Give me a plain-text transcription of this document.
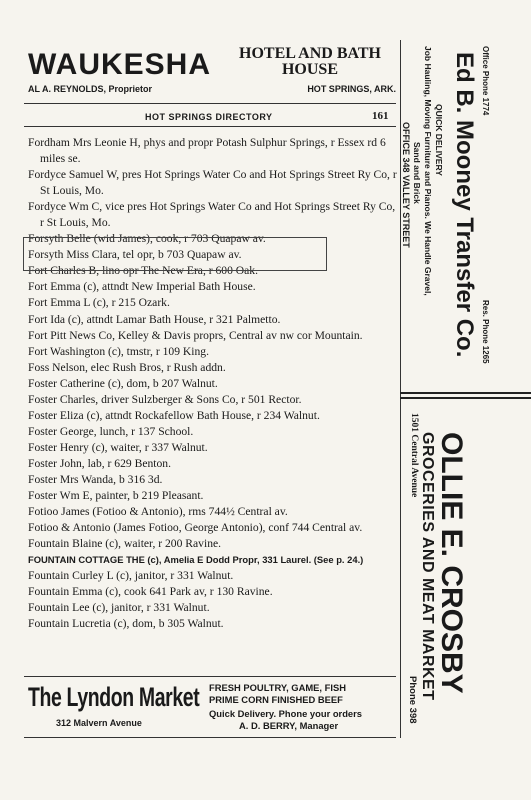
WAUKESHA	HOTEL AND BATH HOUSE
AL A. REYNOLDS, Proprietor	HOT SPRINGS, ARK.
HOT SPRINGS DIRECTORY	161
Fordham Mrs Leonie H, phys and propr Potash Sulphur Springs, r Essex rd 6 miles se.
Fordyce Samuel W, pres Hot Springs Water Co and Hot Springs Street Ry Co, r St Louis, Mo.
Fordyce Wm C, vice pres Hot Springs Water Co and Hot Springs Street Ry Co, r St Louis, Mo.
Forsyth Belle (wid James), cook, r 703 Quapaw av.
Forsyth Miss Clara, tel opr, b 703 Quapaw av.
Fort Charles B, lino opr The New Era, r 600 Oak.
Fort Emma (c), attndt New Imperial Bath House.
Fort Emma L (c), r 215 Ozark.
Fort Ida (c), attndt Lamar Bath House, r 321 Palmetto.
Fort Pitt News Co, Kelley & Davis proprs, Central av nw cor Mountain.
Fort Washington (c), tmstr, r 109 King.
Foss Nelson, elec Rush Bros, r Rush addn.
Foster Catherine (c), dom, b 207 Walnut.
Foster Charles, driver Sulzberger & Sons Co, r 501 Rector.
Foster Eliza (c), attndt Rockafellow Bath House, r 234 Walnut.
Foster George, lunch, r 137 School.
Foster Henry (c), waiter, r 337 Walnut.
Foster John, lab, r 629 Benton.
Foster Mrs Wanda, b 316 3d.
Foster Wm E, painter, b 219 Pleasant.
Fotioo James (Fotioo & Antonio), rms 744½ Central av.
Fotioo & Antonio (James Fotioo, George Antonio), conf 744 Central av.
Fountain Blaine (c), waiter, r 200 Ravine.
FOUNTAIN COTTAGE THE (c), Amelia E Dodd Propr, 331 Laurel. (See p. 24.)
Fountain Curley L (c), janitor, r 331 Walnut.
Fountain Emma (c), cook 641 Park av, r 130 Ravine.
Fountain Lee (c), janitor, r 331 Walnut.
Fountain Lucretia (c), dom, b 305 Walnut.
The Lyndon Market
312 Malvern Avenue
FRESH POULTRY, GAME, FISH
PRIME CORN FINISHED BEEF
Quick Delivery. Phone your orders
A. D. BERRY, Manager
Office Phone 1774
Ed B. Mooney Transfer Co. Res. Phone 1265
QUICK DELIVERY
Job Hauling, Moving Furniture and Pianos. We Handle Gravel,
Sand and Brick
OFFICE 348 VALLEY STREET
OLLIE E. CROSBY
GROCERIES AND MEAT MARKET
1501 Central Avenue
Phone 398
